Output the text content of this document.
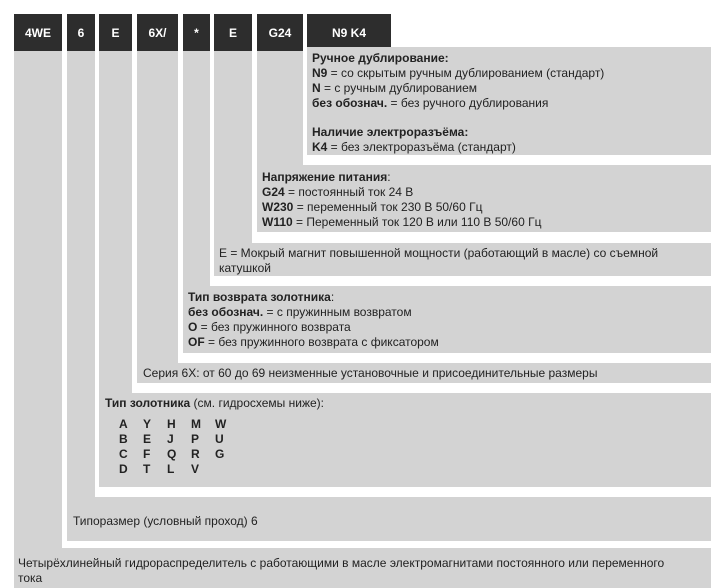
4WE	6	E	6X/	*	E	G24	N9 K4
Ручное дублирование:
N9 = со скрытым ручным дублированием (стандарт)
N = с ручным дублированием
без обознач. = без ручного дублирования
Наличие электроразъёма:
K4 = без электроразъёма (стандарт)
Напряжение питания:
G24 = постоянный ток 24 В
W230 = переменный ток 230 В 50/60 Гц
W110 = Переменный ток 120 В или 110 В 50/60 Гц
E = Мокрый магнит повышенной мощности (работающий в масле) со съемной катушкой
Тип возврата золотника:
без обознач. = с пружинным возвратом
O = без пружинного возврата
OF = без пружинного возврата с фиксатором
Серия 6X: от 60 до 69 неизменные установочные и присоединительные размеры
Тип золотника (см. гидросхемы ниже):
A Y H M W
B E J P U
C F Q R G
D T L V
Типоразмер (условный проход) 6
Четырёхлинейный гидрораспределитель с работающими в масле электромагнитами постоянного или переменного тока
